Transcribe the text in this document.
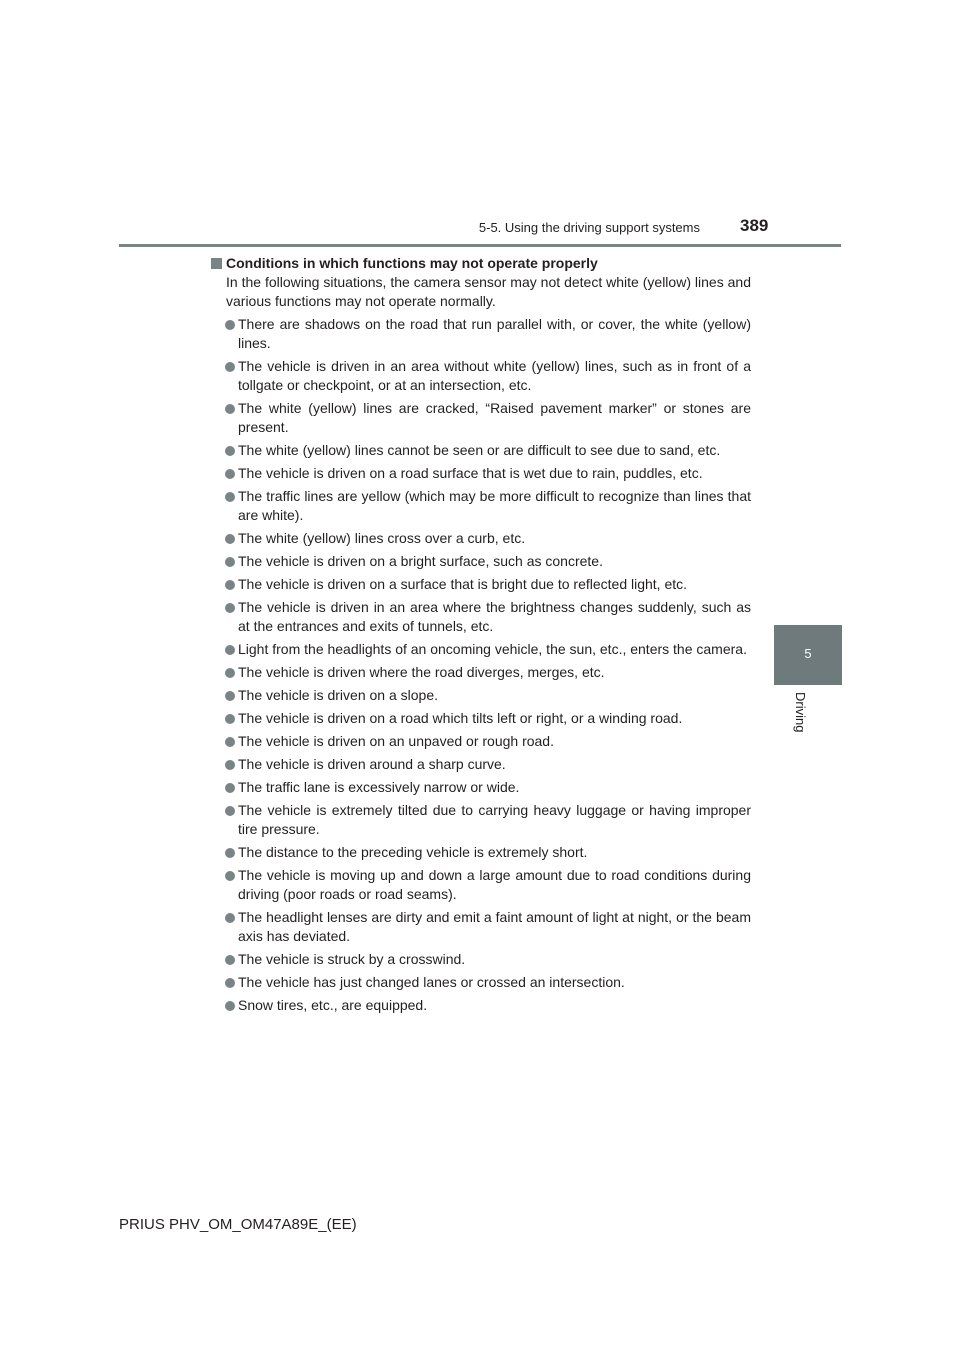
5-5. Using the driving support systems 389
5
Driving

Conditions in which functions may not operate properly

In the following situations, the camera sensor may not detect white (yellow) lines and various functions may not operate normally.

There are shadows on the road that run parallel with, or cover, the white (yellow) lines.
The vehicle is driven in an area without white (yellow) lines, such as in front of a tollgate or checkpoint, or at an intersection, etc.
The white (yellow) lines are cracked, “Raised pavement marker” or stones are present.
The white (yellow) lines cannot be seen or are difficult to see due to sand, etc.
The vehicle is driven on a road surface that is wet due to rain, puddles, etc.
The traffic lines are yellow (which may be more difficult to recognize than lines that are white).
The white (yellow) lines cross over a curb, etc.
The vehicle is driven on a bright surface, such as concrete.
The vehicle is driven on a surface that is bright due to reflected light, etc.
The vehicle is driven in an area where the brightness changes suddenly, such as at the entrances and exits of tunnels, etc.
Light from the headlights of an oncoming vehicle, the sun, etc., enters the camera.
The vehicle is driven where the road diverges, merges, etc.
The vehicle is driven on a slope.
The vehicle is driven on a road which tilts left or right, or a winding road.
The vehicle is driven on an unpaved or rough road.
The vehicle is driven around a sharp curve.
The traffic lane is excessively narrow or wide.
The vehicle is extremely tilted due to carrying heavy luggage or having improper tire pressure.
The distance to the preceding vehicle is extremely short.
The vehicle is moving up and down a large amount due to road conditions during driving (poor roads or road seams).
The headlight lenses are dirty and emit a faint amount of light at night, or the beam axis has deviated.
The vehicle is struck by a crosswind.
The vehicle has just changed lanes or crossed an intersection.
Snow tires, etc., are equipped.
PRIUS PHV_OM_OM47A89E_(EE)
